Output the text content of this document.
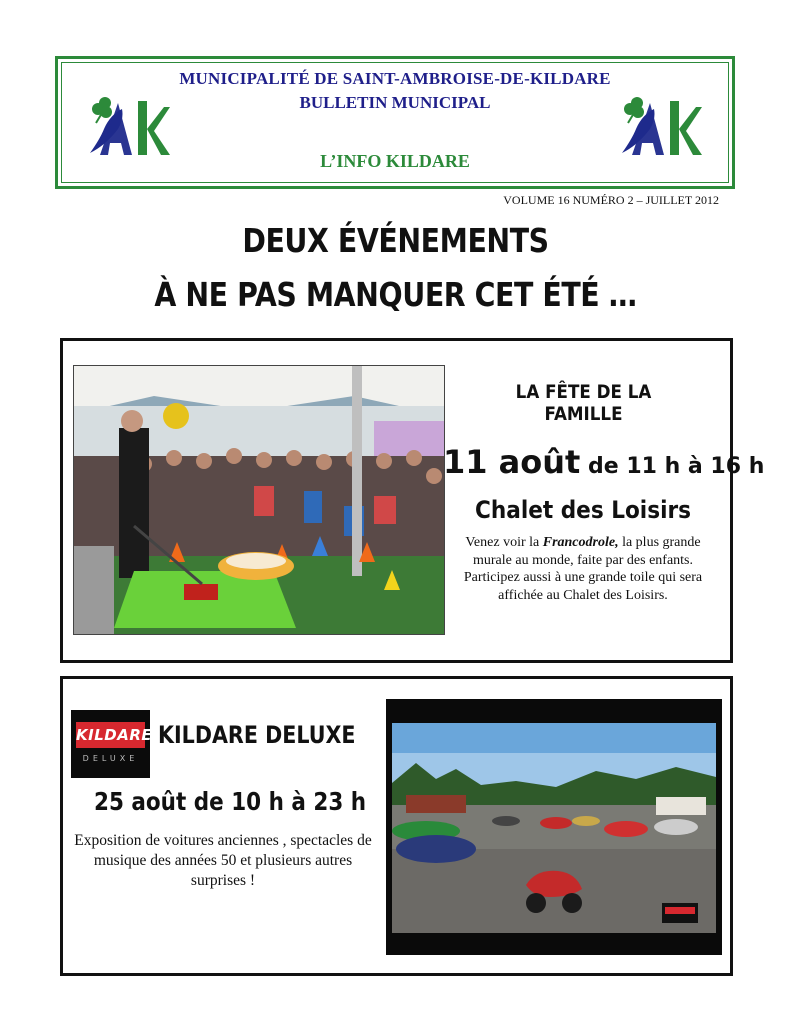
MUNICIPALITÉ DE SAINT-AMBROISE-DE-KILDARE
BULLETIN MUNICIPAL
L’INFO KILDARE
VOLUME 16 NUMÉRO 2 – JUILLET 2012
DEUX ÉVÉNEMENTS
À NE PAS MANQUER CET ÉTÉ …
LA FÊTE DE LA FAMILLE
11 août de 11 h à 16 h
Chalet des Loisirs
Venez voir la Francodrole, la plus grande murale au monde, faite par des enfants. Participez aussi à une grande toile qui sera affichée au Chalet des Loisirs.
KILDARE
DELUXE
KILDARE DELUXE
25 août de 10 h à 23 h
Exposition de voitures anciennes , spectacles de musique des années 50 et plusieurs autres surprises !
